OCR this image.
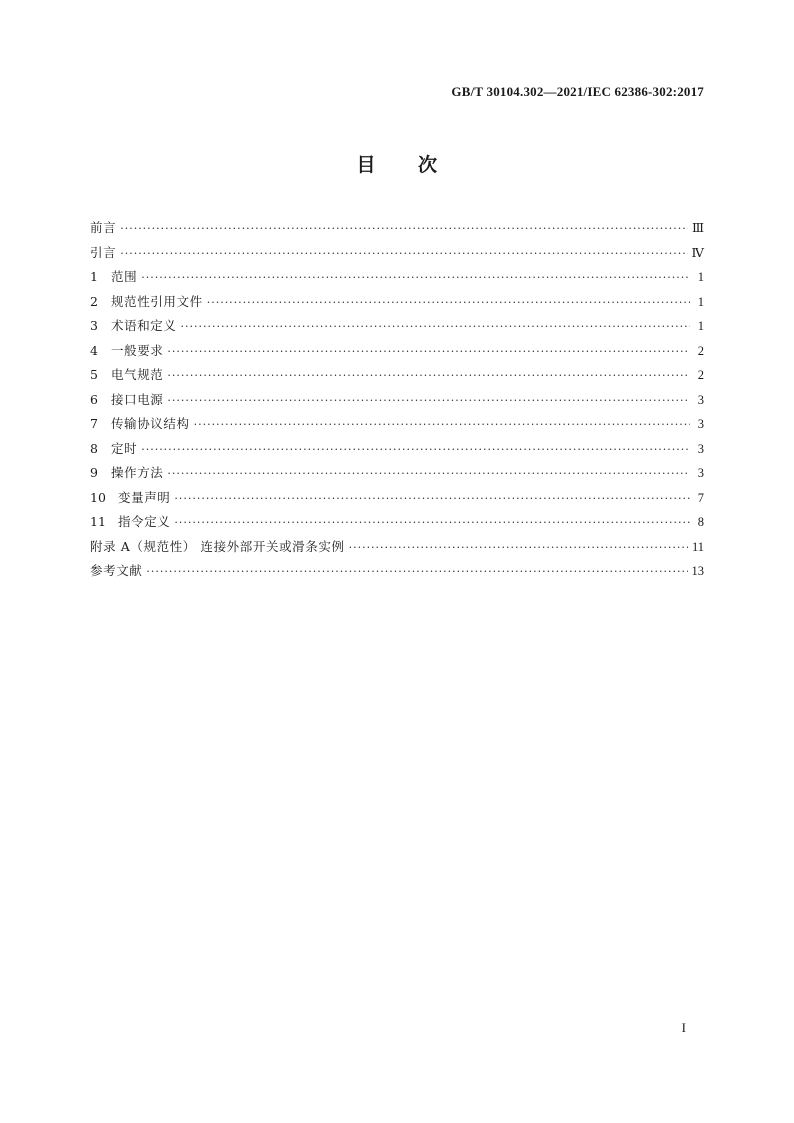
GB/T 30104.302—2021/IEC 62386-302:2017
目 次
前言 ·····	Ⅲ
引言 ·····	Ⅳ
1	范围 ·····	1
2	规范性引用文件 ·····	1
3	术语和定义 ·····	1
4	一般要求 ·····	2
5	电气规范 ·····	2
6	接口电源 ·····	3
7	传输协议结构 ·····	3
8	定时 ·····	3
9	操作方法 ·····	3
10 变量声明 ·····	7
11 指令定义 ·····	8
附录 A（规范性） 连接外部开关或滑条实例 ·····	11
参考文献 ·····	13
I
